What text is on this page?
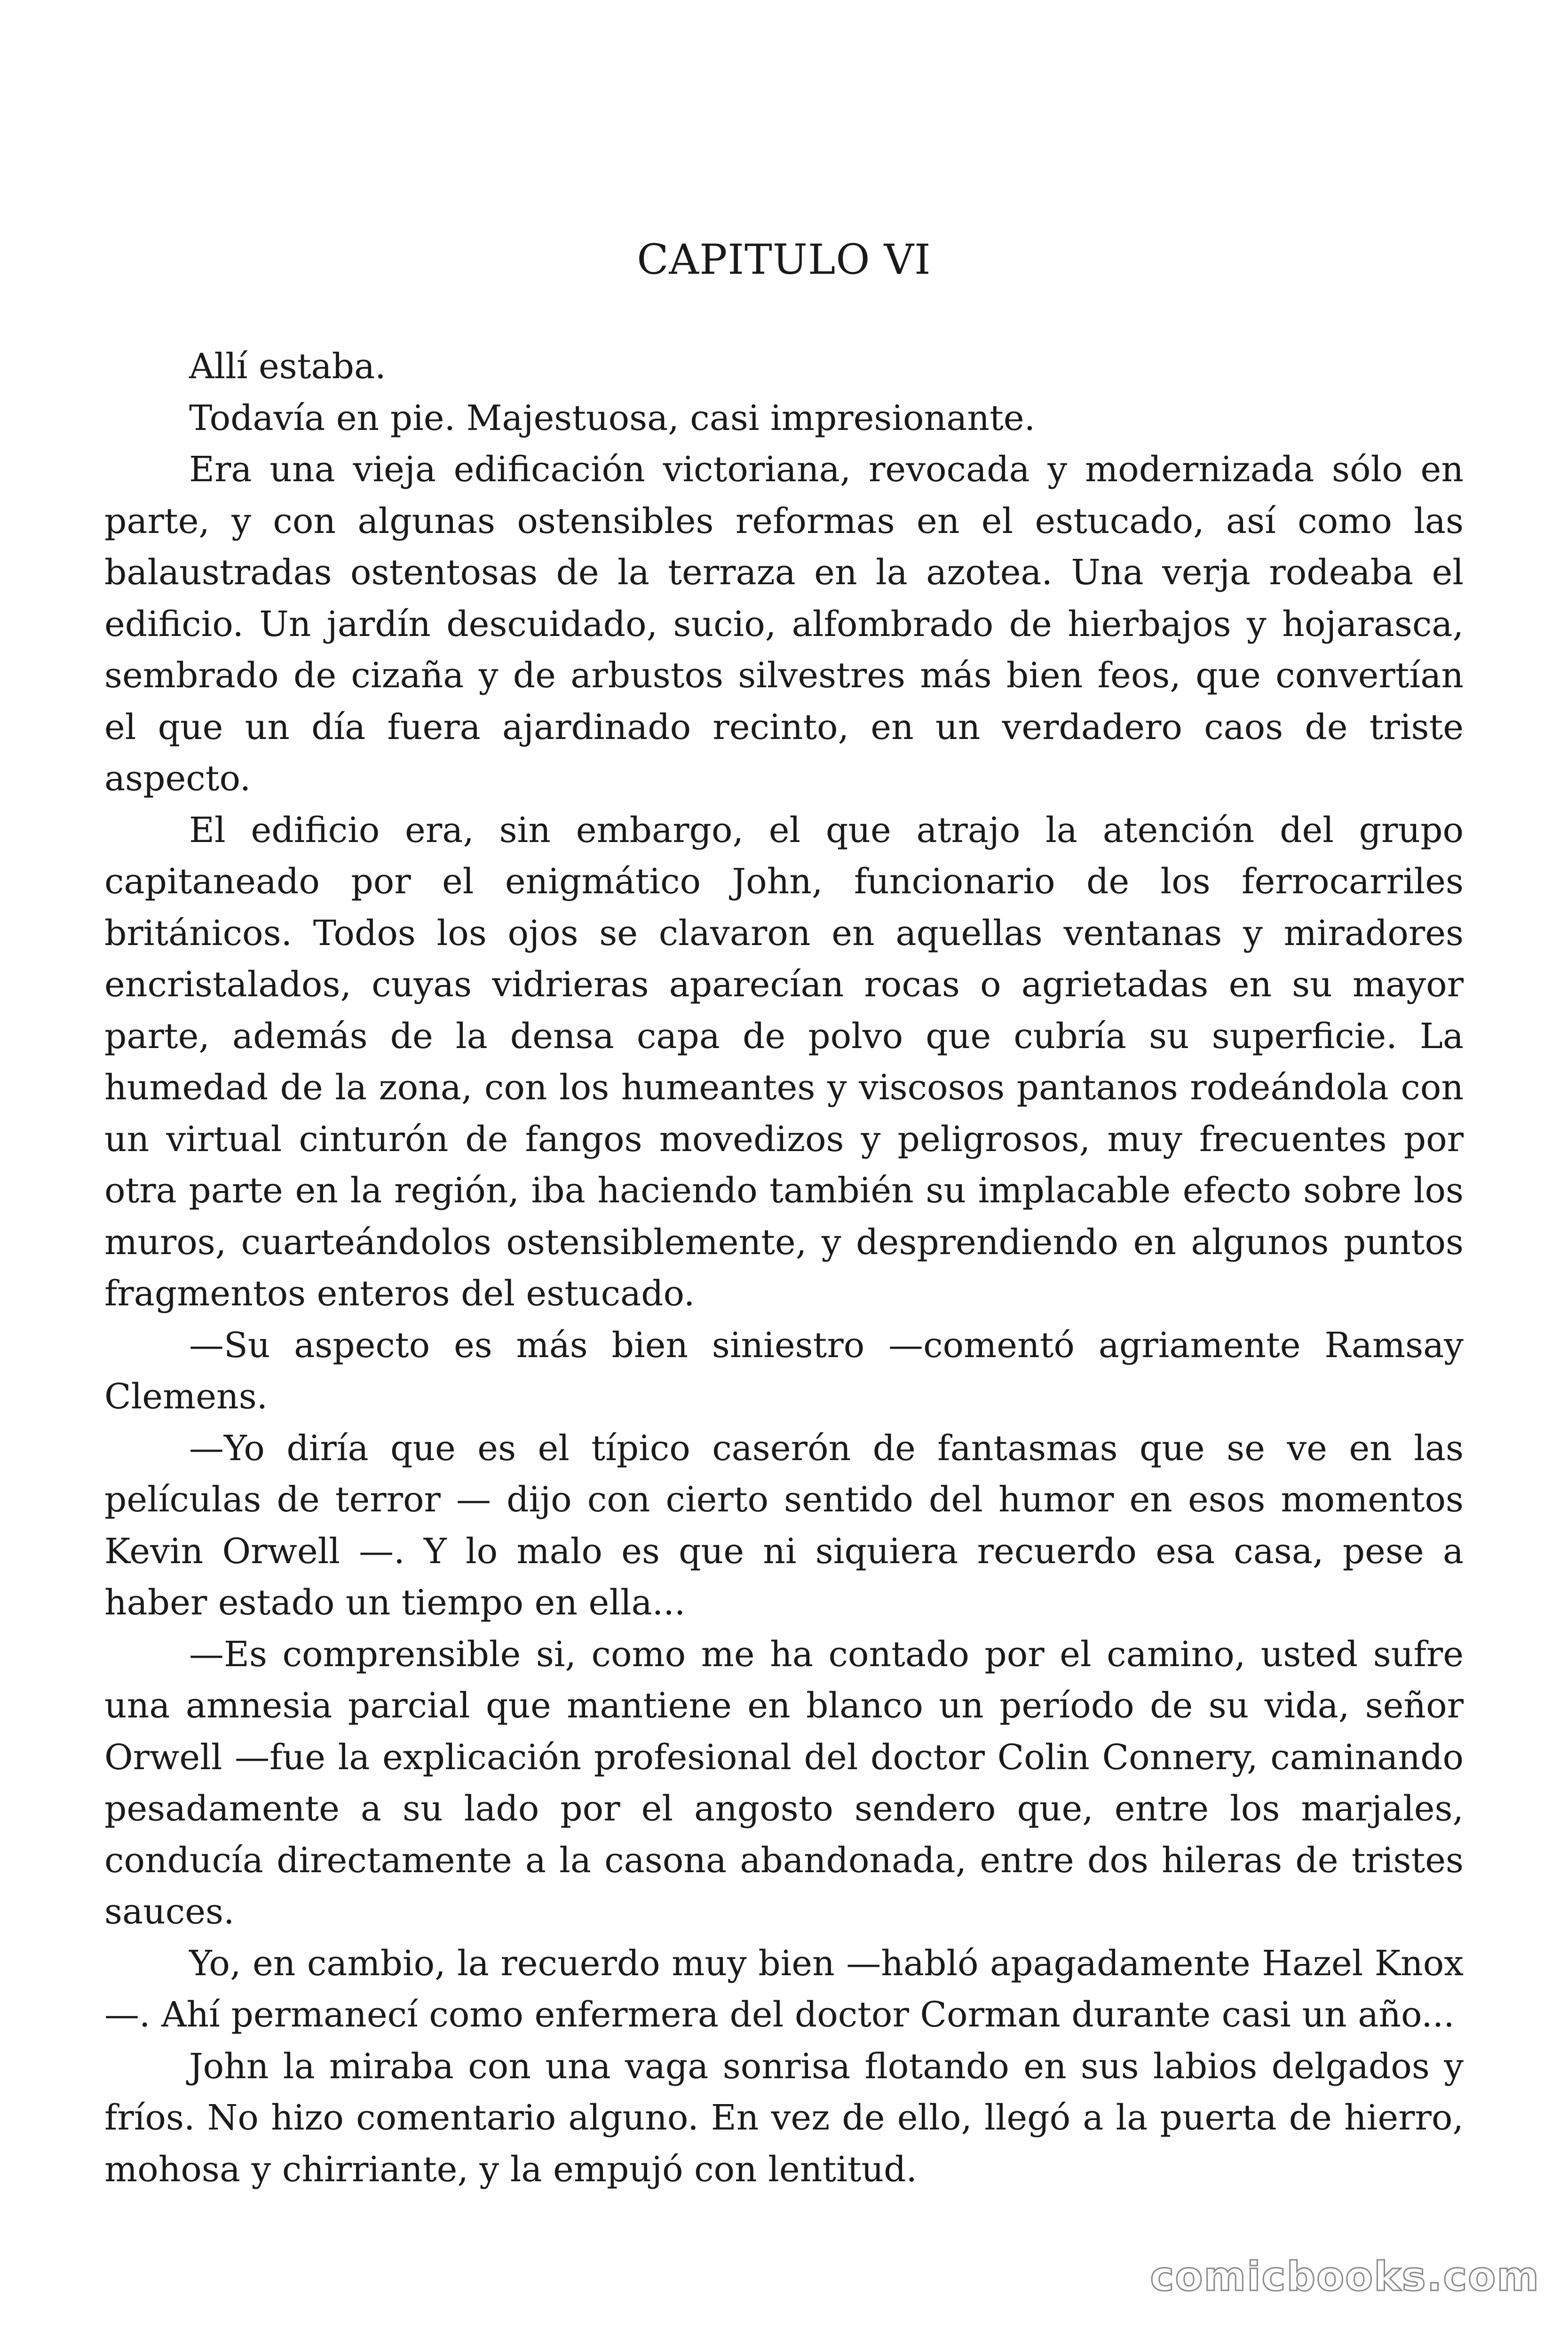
CAPITULO VI

Allí estaba.

Todavía en pie. Majestuosa, casi impresionante.

Era una vieja edificación victoriana, revocada y modernizada sólo en parte, y con algunas ostensibles reformas en el estucado, así como las balaustradas ostentosas de la terraza en la azotea. Una verja rodeaba el edificio. Un jardín descuidado, sucio, alfombrado de hierbajos y hojarasca, sembrado de cizaña y de arbustos silvestres más bien feos, que convertían el que un día fuera ajardinado recinto, en un verdadero caos de triste aspecto.

El edificio era, sin embargo, el que atrajo la atención del grupo capitaneado por el enigmático John, funcionario de los ferrocarriles británicos. Todos los ojos se clavaron en aquellas ventanas y miradores encristalados, cuyas vidrieras aparecían rocas o agrietadas en su mayor parte, además de la densa capa de polvo que cubría su superficie. La humedad de la zona, con los humeantes y viscosos pantanos rodeándola con un virtual cinturón de fangos movedizos y peligrosos, muy frecuentes por otra parte en la región, iba haciendo también su implacable efecto sobre los muros, cuarteándolos ostensiblemente, y desprendiendo en algunos puntos fragmentos enteros del estucado.

—Su aspecto es más bien siniestro —comentó agriamente Ramsay Clemens.

—Yo diría que es el típico caserón de fantasmas que se ve en las películas de terror — dijo con cierto sentido del humor en esos momentos Kevin Orwell —. Y lo malo es que ni siquiera recuerdo esa casa, pese a haber estado un tiempo en ella...

—Es comprensible si, como me ha contado por el camino, usted sufre una amnesia parcial que mantiene en blanco un período de su vida, señor Orwell —fue la explicación profesional del doctor Colin Connery, caminando pesadamente a su lado por el angosto sendero que, entre los marjales, conducía directamente a la casona abandonada, entre dos hileras de tristes sauces.

Yo, en cambio, la recuerdo muy bien —habló apagadamente Hazel Knox—. Ahí permanecí como enfermera del doctor Corman durante casi un año...

John la miraba con una vaga sonrisa flotando en sus labios delgados y fríos. No hizo comentario alguno. En vez de ello, llegó a la puerta de hierro, mohosa y chirriante, y la empujó con lentitud.

comicbooks.com
